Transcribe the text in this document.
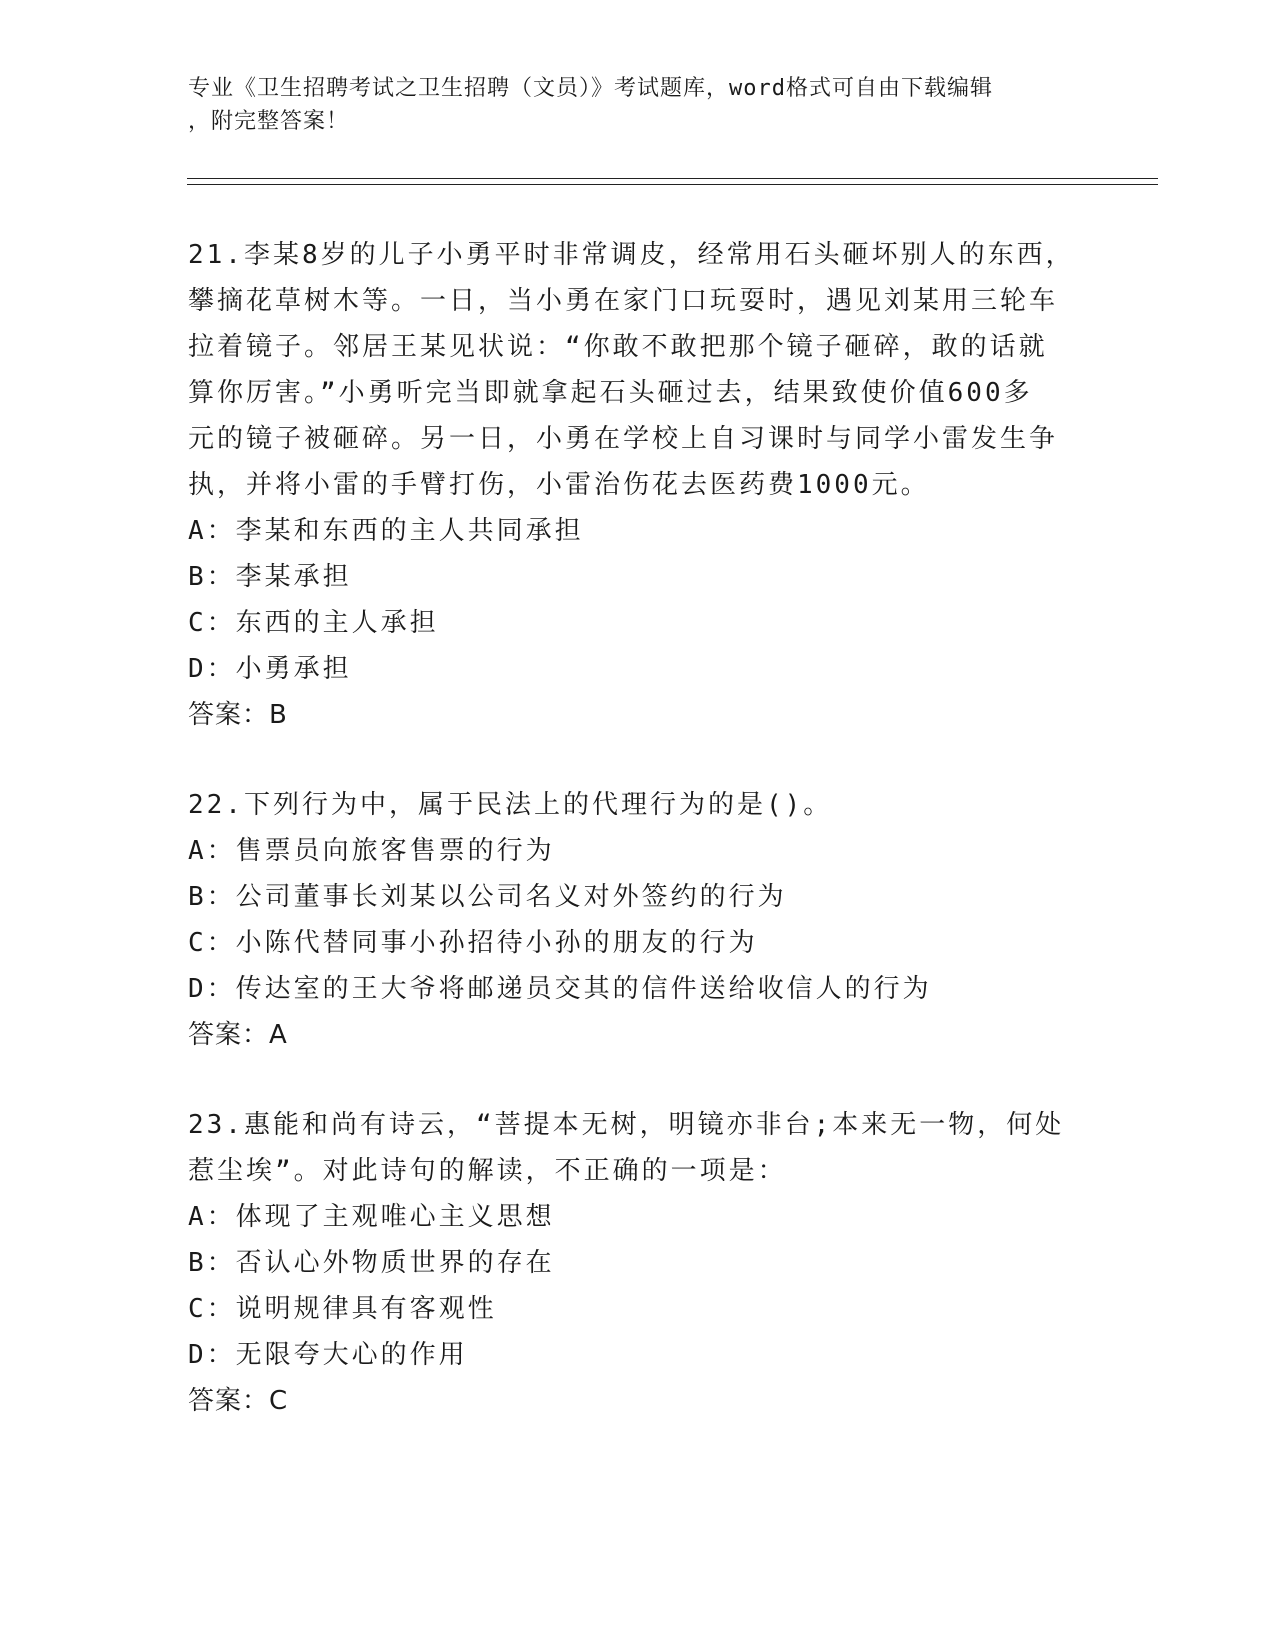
专业《卫生招聘考试之卫生招聘（文员）》考试题库，word格式可自由下载编辑
，附完整答案！

21.李某8岁的儿子小勇平时非常调皮，经常用石头砸坏别人的东西，

攀摘花草树木等。一日，当小勇在家门口玩耍时，遇见刘某用三轮车

拉着镜子。邻居王某见状说：“你敢不敢把那个镜子砸碎，敢的话就

算你厉害。”小勇听完当即就拿起石头砸过去，结果致使价值600多

元的镜子被砸碎。另一日，小勇在学校上自习课时与同学小雷发生争

执，并将小雷的手臂打伤，小雷治伤花去医药费1000元。

A：李某和东西的主人共同承担

B：李某承担

C：东西的主人承担

D：小勇承担

答案：B

22.下列行为中，属于民法上的代理行为的是()。

A：售票员向旅客售票的行为

B：公司董事长刘某以公司名义对外签约的行为

C：小陈代替同事小孙招待小孙的朋友的行为

D：传达室的王大爷将邮递员交其的信件送给收信人的行为

答案：A

23.惠能和尚有诗云，“菩提本无树，明镜亦非台;本来无一物，何处

惹尘埃”。对此诗句的解读，不正确的一项是：

A：体现了主观唯心主义思想

B：否认心外物质世界的存在

C：说明规律具有客观性

D：无限夸大心的作用

答案：C
